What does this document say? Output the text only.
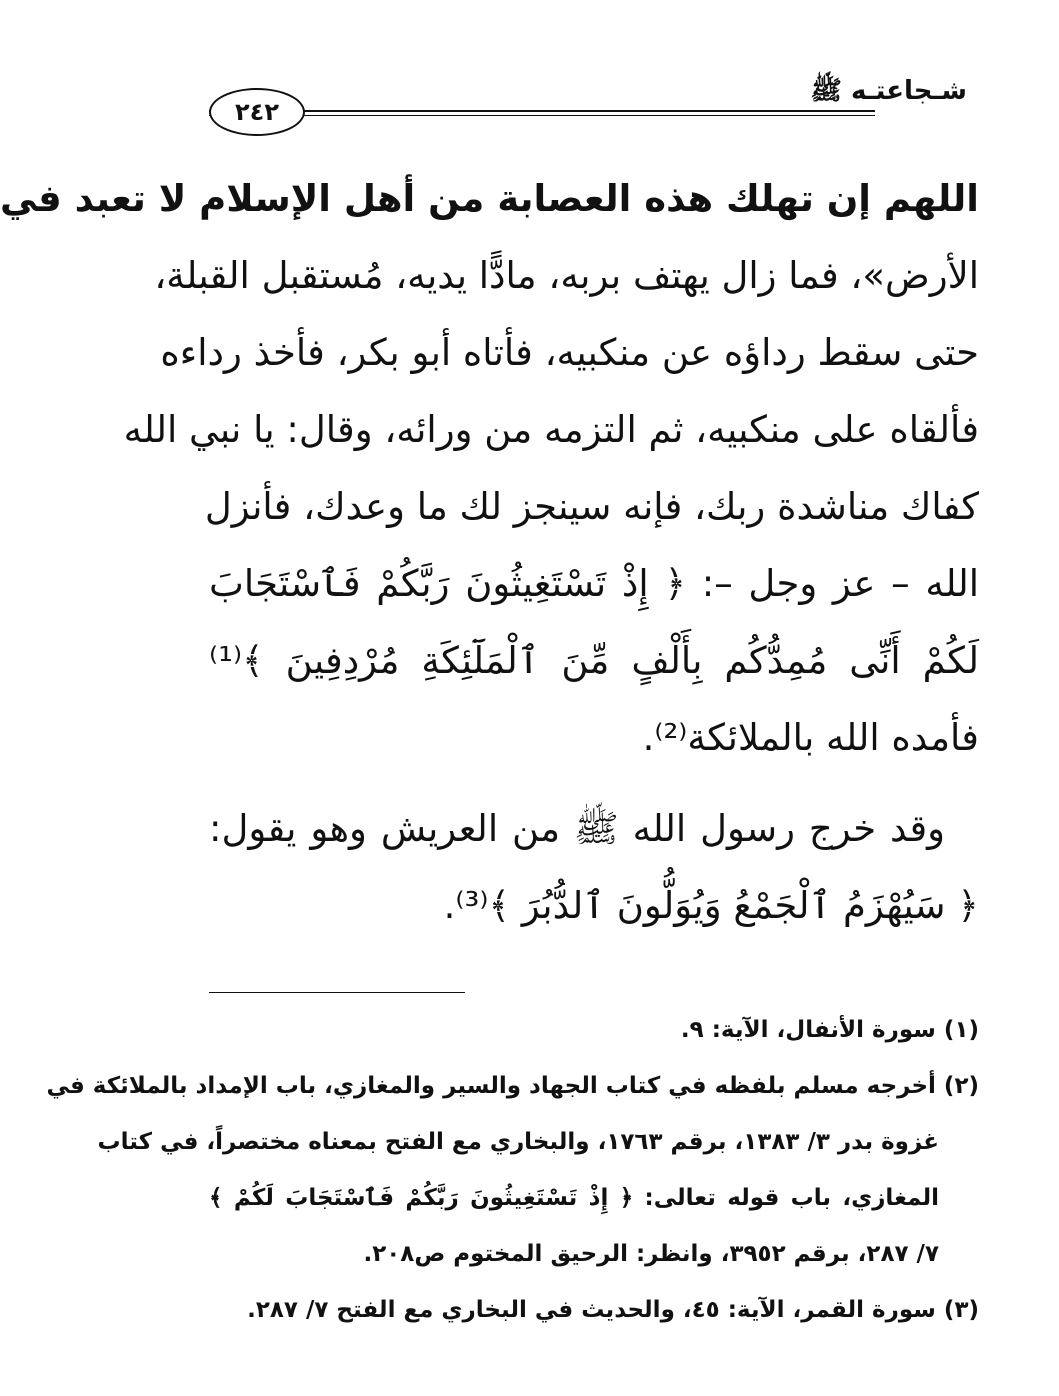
شـجاعتـه ﷺ
٢٤٢
اللهم إن تهلك هذه العصابة من أهل الإسلام لا تعبد في
الأرض»، فما زال يهتف بربه، مادًّا يديه، مُستقبل القبلة،
حتى سقط رداؤه عن منكبيه، فأتاه أبو بكر، فأخذ رداءه
فألقاه على منكبيه، ثم التزمه من ورائه، وقال: يا نبي الله
كفاك مناشدة ربك، فإنه سينجز لك ما وعدك، فأنزل
الله – عز وجل –: ﴿ إِذْ تَسْتَغِيثُونَ رَبَّكُمْ فَٱسْتَجَابَ
لَكُمْ أَنِّى مُمِدُّكُم بِأَلْفٍ مِّنَ ٱلْمَلَٓئِكَةِ مُرْدِفِينَ ﴾⁽¹⁾
فأمده الله بالملائكة⁽²⁾.
وقد خرج رسول الله ﷺ من العريش وهو يقول:
﴿ سَيُهْزَمُ ٱلْجَمْعُ وَيُوَلُّونَ ٱلدُّبُرَ ﴾⁽³⁾.
(١) سورة الأنفال، الآية: ٩.
(٢) أخرجه مسلم بلفظه في كتاب الجهاد والسير والمغازي، باب الإمداد بالملائكة في
غزوة بدر ٣/ ١٣٨٣، برقم ١٧٦٣، والبخاري مع الفتح بمعناه مختصراً، في كتاب
المغازي، باب قوله تعالى: ﴿ إِذْ تَسْتَغِيثُونَ رَبَّكُمْ فَٱسْتَجَابَ لَكُمْ ﴾
٧/ ٢٨٧، برقم ٣٩٥٢، وانظر: الرحيق المختوم ص٢٠٨.
(٣) سورة القمر، الآية: ٤٥، والحديث في البخاري مع الفتح ٧/ ٢٨٧.
